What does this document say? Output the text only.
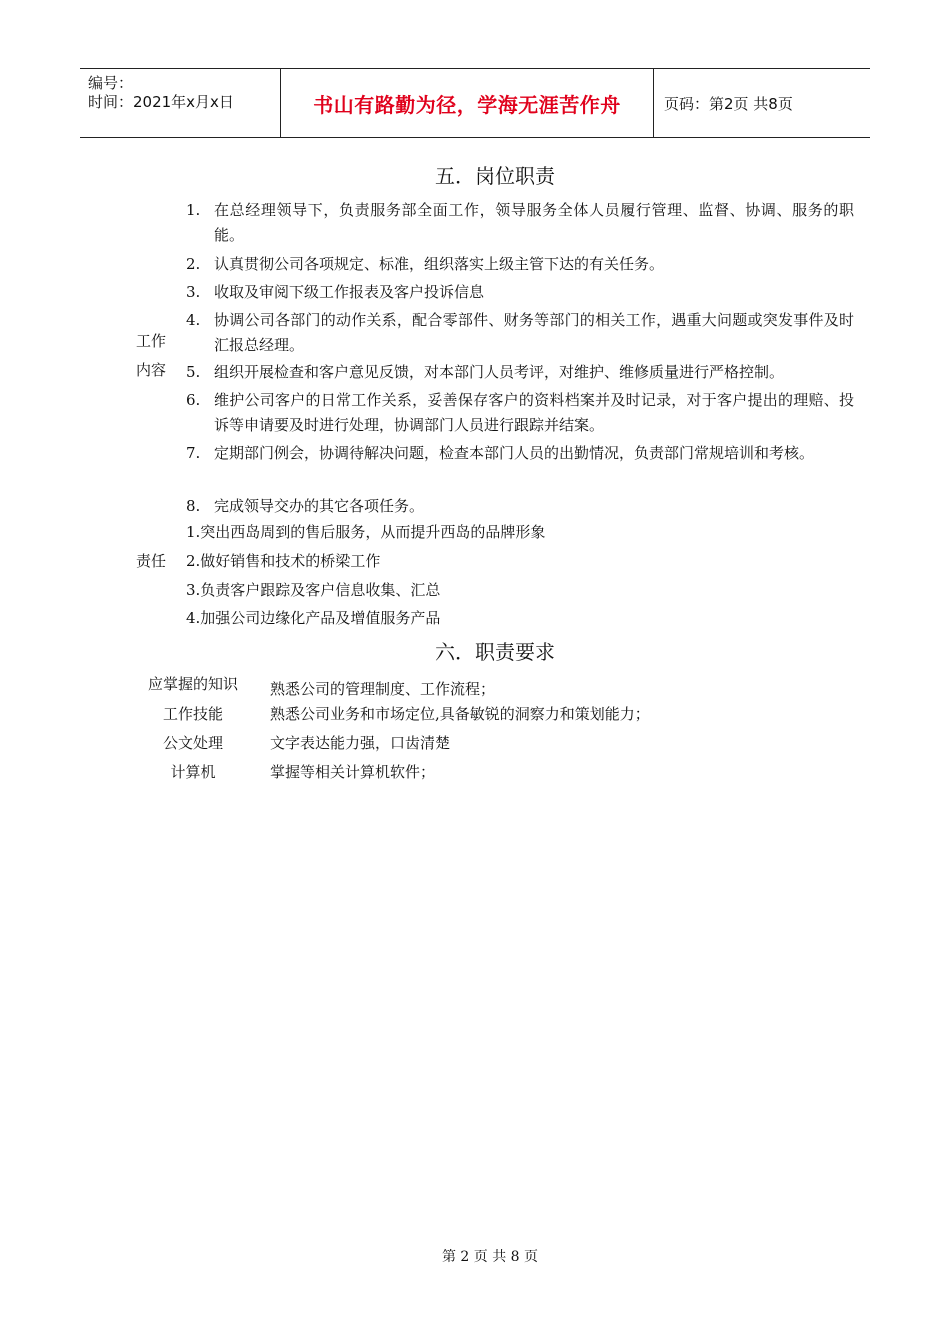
编号：
时间：2021年x月x日	书山有路勤为径，学海无涯苦作舟	页码：第2页 共8页
五．岗位职责
工作
内容
1. 在总经理领导下，负责服务部全面工作，领导服务全体人员履行管理、监督、协调、服务的职能。
2. 认真贯彻公司各项规定、标准，组织落实上级主管下达的有关任务。
3. 收取及审阅下级工作报表及客户投诉信息
4. 协调公司各部门的动作关系，配合零部件、财务等部门的相关工作，遇重大问题或突发事件及时汇报总经理。
5. 组织开展检查和客户意见反馈，对本部门人员考评，对维护、维修质量进行严格控制。
6. 维护公司客户的日常工作关系，妥善保存客户的资料档案并及时记录，对于客户提出的理赔、投诉等申请要及时进行处理，协调部门人员进行跟踪并结案。
7. 定期部门例会，协调待解决问题，检查本部门人员的出勤情况，负责部门常规培训和考核。
8. 完成领导交办的其它各项任务。
责任
1.突出西岛周到的售后服务，从而提升西岛的品牌形象
2.做好销售和技术的桥梁工作
3.负责客户跟踪及客户信息收集、汇总
4.加强公司边缘化产品及增值服务产品
六．职责要求
应掌握的知识	熟悉公司的管理制度、工作流程；
工作技能	熟悉公司业务和市场定位,具备敏锐的洞察力和策划能力；
公文处理	文字表达能力强，口齿清楚
计算机	掌握等相关计算机软件；
第 2 页 共 8 页
